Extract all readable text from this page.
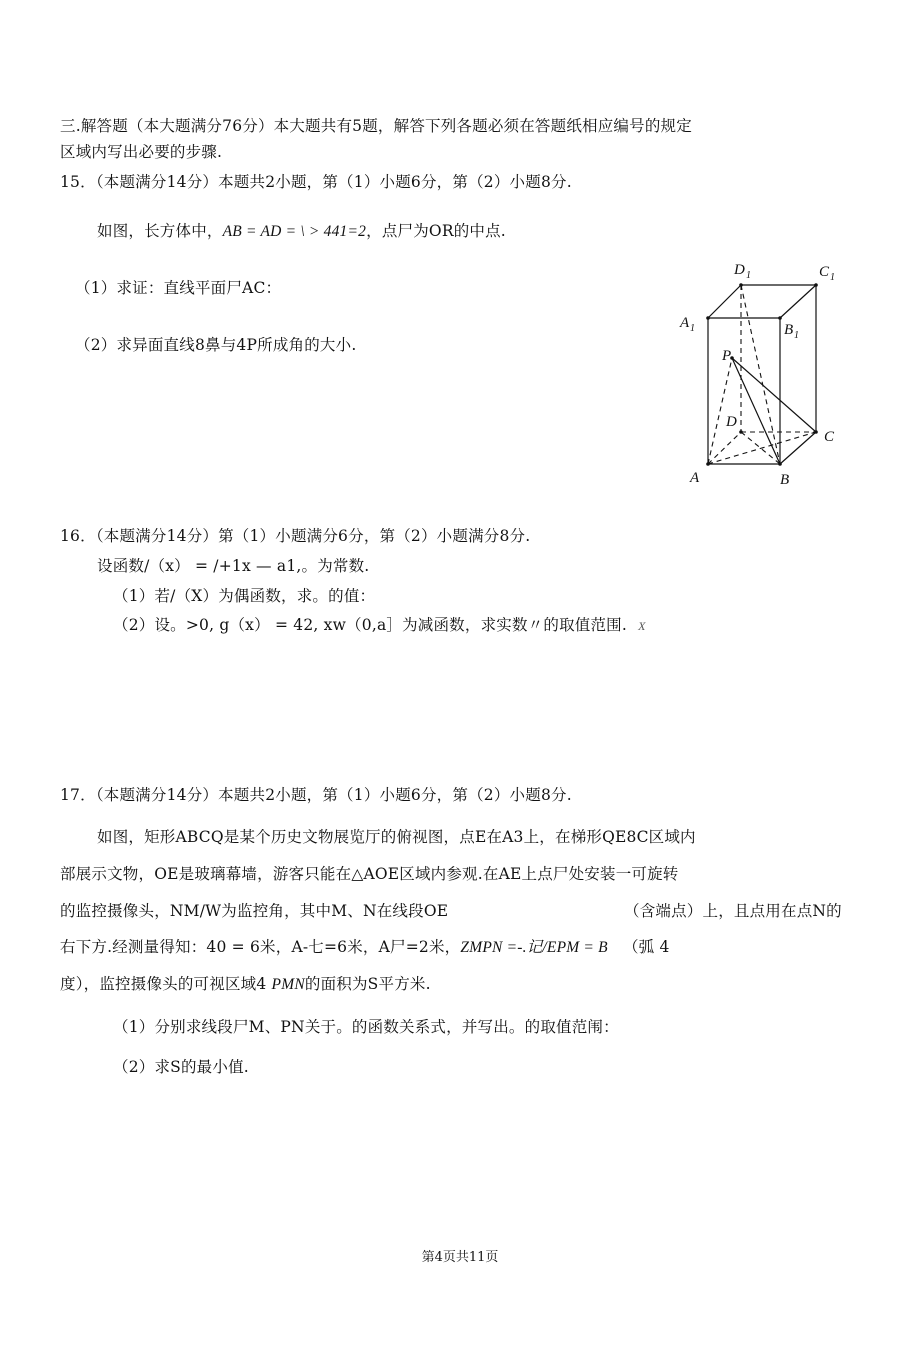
三.解答题（本大题满分76分）本大题共有5题，解答下列各题必须在答题纸相应编号的规定
区域内写出必要的步骤.
15．（本题满分14分）本题共2小题，第（1）小题6分，第（2）小题8分.
如图，长方体中，AB = AD = \ > 441=2，点尸为OR的中点.
（1）求证：直线平面尸AC：
（2）求异面直线8鼻与4P所成角的大小.
D 1	C 1
A 1	B 1
P
D
C
A	B
16．（本题满分14分）第（1）小题满分6分，第（2）小题满分8分.
设函数/（x） = /+1x — a1,。为常数.
（1）若/（X）为偶函数，求。的值：
（2）设。>0, g（x） = 42, xw（0,a］为减函数，求实数〃的取值范围. X
17．（本题满分14分）本题共2小题，第（1）小题6分，第（2）小题8分.
如图，矩形ABCQ是某个历史文物展览厅的俯视图，点E在A3上，在梯形QE8C区域内
部展示文物，OE是玻璃幕墙，游客只能在△AOE区域内参观.在AE上点尸处安装一可旋转
的监控摄像头，NM/W为监控角，其中M、N在线段OE	（含端点）上，且点用在点N的
右下方.经测量得知：40 = 6米，A-七=6米，A尸=2米，ZMPN =-.记/EPM = B （弧 4
度），监控摄像头的可视区域4 PMN的面积为S平方米.
（1）分别求线段尸M、PN关于。的函数关系式，并写出。的取值范闱：
（2）求S的最小值.
第4页共11页
